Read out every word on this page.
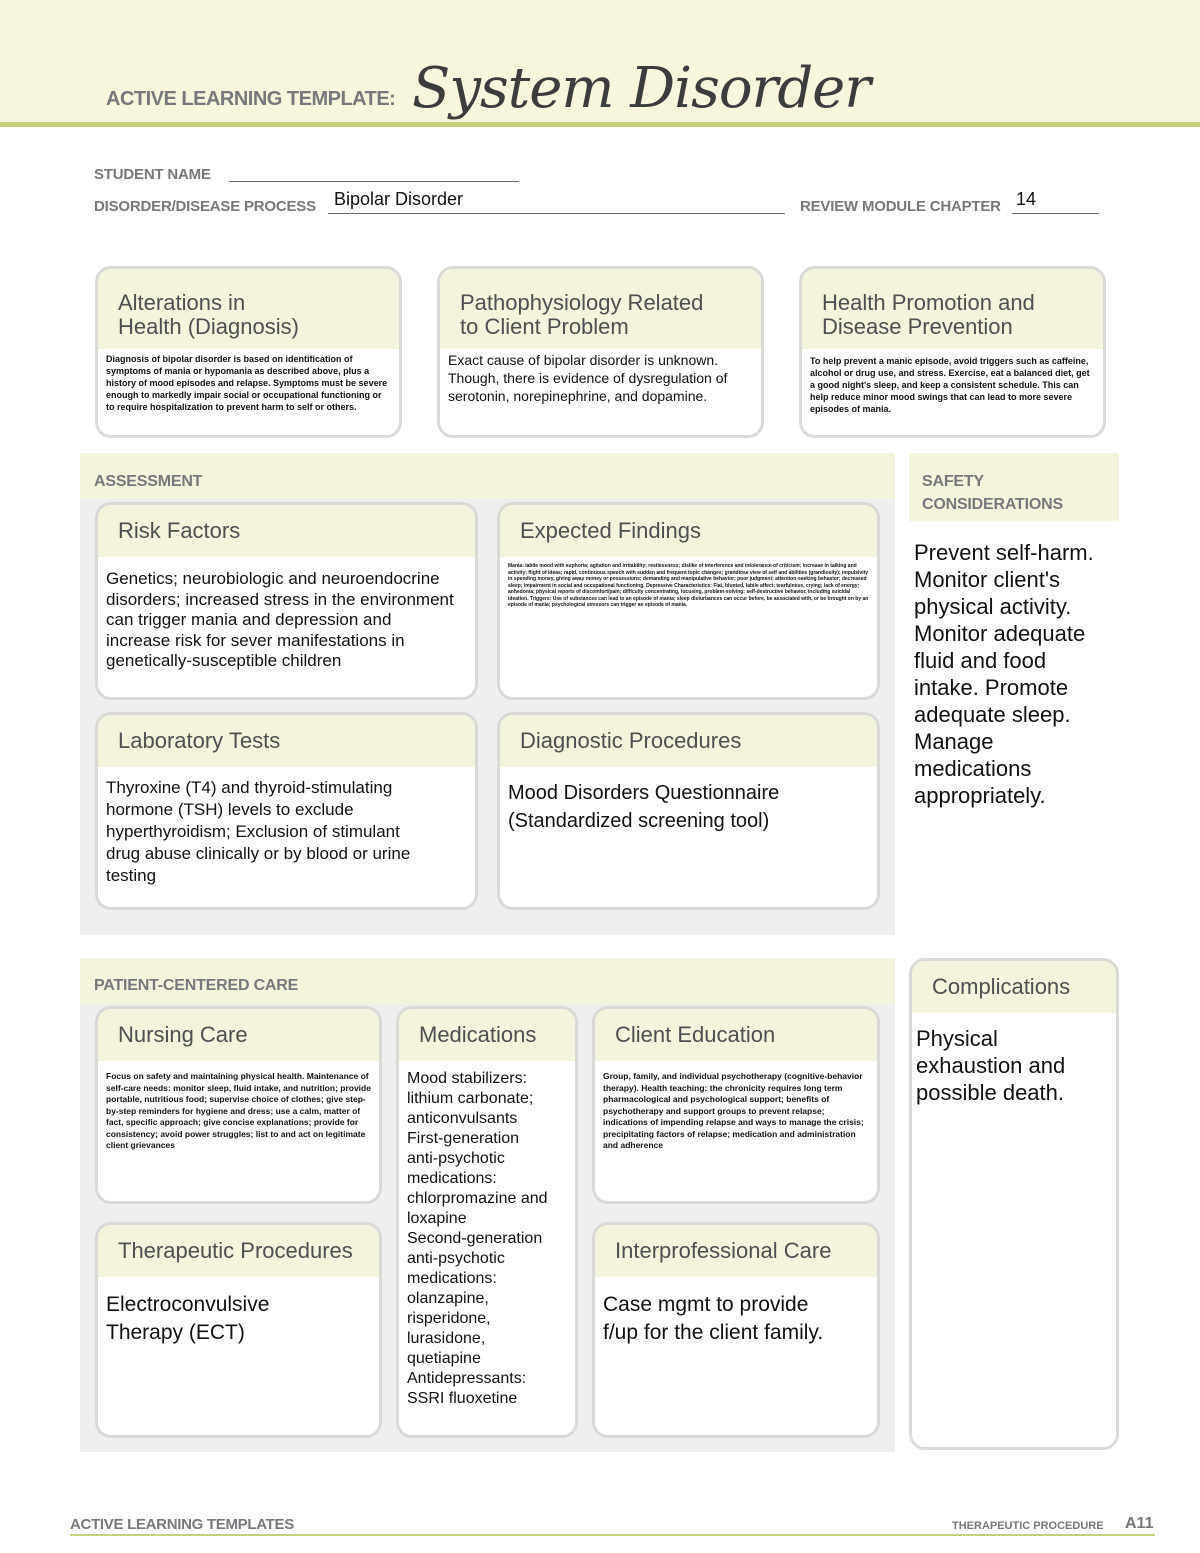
ACTIVE LEARNING TEMPLATE: System Disorder
STUDENT NAME
DISORDER/DISEASE PROCESS Bipolar Disorder	REVIEW MODULE CHAPTER 14
Alterations in
Health (Diagnosis)
Diagnosis of bipolar disorder is based on identification of symptoms of mania or hypomania as described above, plus a history of mood episodes and relapse. Symptoms must be severe enough to markedly impair social or occupational functioning or to require hospitalization to prevent harm to self or others.
Pathophysiology Related
to Client Problem
Exact cause of bipolar disorder is unknown. Though, there is evidence of dysregulation of serotonin, norepinephrine, and dopamine.
Health Promotion and
Disease Prevention
To help prevent a manic episode, avoid triggers such as caffeine, alcohol or drug use, and stress. Exercise, eat a balanced diet, get a good night's sleep, and keep a consistent schedule. This can help reduce minor mood swings that can lead to more severe episodes of mania.
ASSESSMENT
Risk Factors
Genetics; neurobiologic and neuroendocrine
disorders; increased stress in the environment
can trigger mania and depression and
increase risk for sever manifestations in
genetically-susceptible children
Expected Findings
Mania: labile mood with euphoria; agitation and irritability; restlessness; dislike of interference and intolerance of criticism; increase in talking and activity; flight of ideas; rapid, continuous speech with sudden and frequent topic changes; grandiose view of self and abilities (grandiosity); impulsivity in spending money, giving away money or possessions; demanding and manipulative behavior; poor judgment; attention-seeking behavior; decreased sleep; impairment in social and occupational functioning. Depressive Characteristics: Flat, blunted, labile affect; tearfulness, crying; lack of energy; anhedonia; physical reports of discomfort/pain; difficulty concentrating, focusing, problem-solving; self-destructive behavior, including suicidal ideation. Triggers: Use of substances can lead to an episode of mania; sleep disturbances can occur before, be associated with, or be brought on by an episode of mania; psychological stressors can trigger an episode of mania.
Laboratory Tests
Thyroxine (T4) and thyroid-stimulating
hormone (TSH) levels to exclude
hyperthyroidism; Exclusion of stimulant
drug abuse clinically or by blood or urine
testing
Diagnostic Procedures
Mood Disorders Questionnaire
(Standardized screening tool)
SAFETY
CONSIDERATIONS
Prevent self-harm.
Monitor client's
physical activity.
Monitor adequate
fluid and food
intake. Promote
adequate sleep.
Manage
medications
appropriately.
PATIENT-CENTERED CARE
Nursing Care
Focus on safety and maintaining physical health. Maintenance of self-care needs: monitor sleep, fluid intake, and nutrition; provide portable, nutritious food; supervise choice of clothes; give step-by-step reminders for hygiene and dress; use a calm, matter of fact, specific approach; give concise explanations; provide for consistency; avoid power struggles; list to and act on legitimate client grievances
Medications
Mood stabilizers:
lithium carbonate;
anticonvulsants
First-generation
anti-psychotic
medications:
chlorpromazine and
loxapine
Second-generation
anti-psychotic
medications:
olanzapine,
risperidone,
lurasidone,
quetiapine
Antidepressants:
SSRI fluoxetine
Client Education
Group, family, and individual psychotherapy (cognitive-behavior therapy). Health teaching: the chronicity requires long term pharmacological and psychological support; benefits of psychotherapy and support groups to prevent relapse; indications of impending relapse and ways to manage the crisis; precipitating factors of relapse; medication and administration and adherence
Therapeutic Procedures
Electroconvulsive
Therapy (ECT)
Interprofessional Care
Case mgmt to provide
f/up for the client family.
Complications
Physical
exhaustion and
possible death.
ACTIVE LEARNING TEMPLATES	THERAPEUTIC PROCEDURE A11
